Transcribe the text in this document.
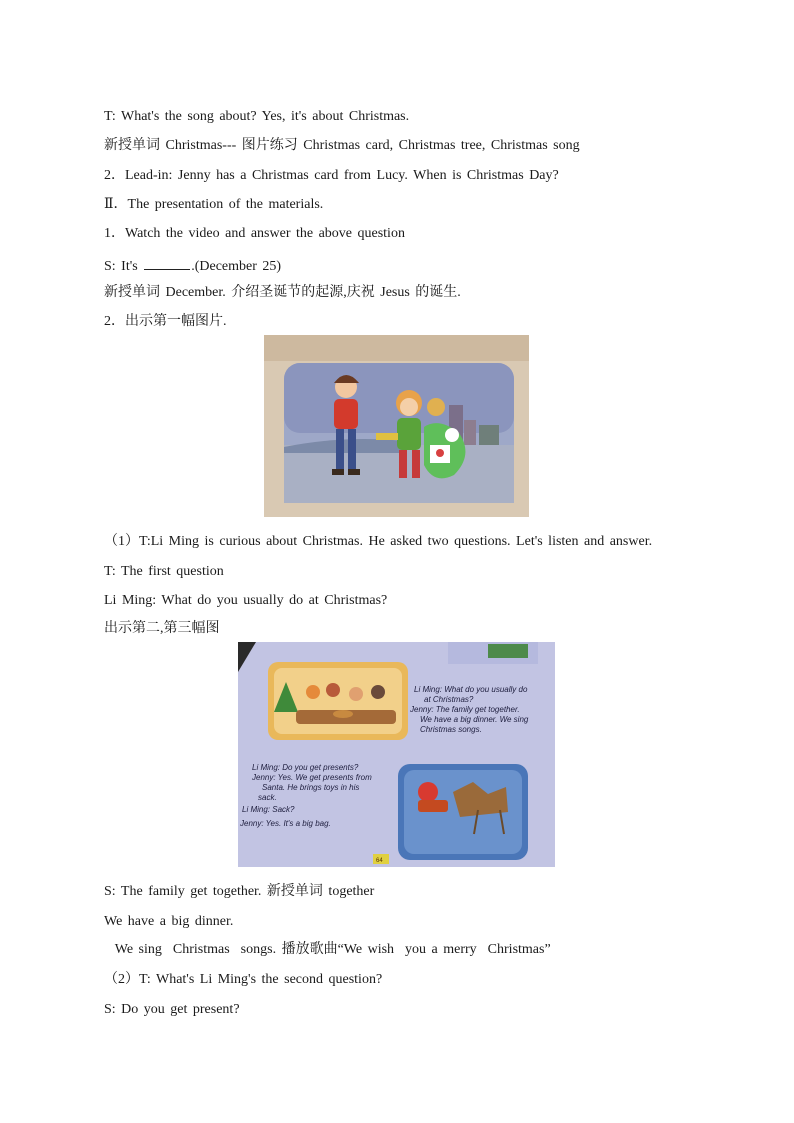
T: What's the song about? Yes, it's about Christmas.
新授单词 Christmas--- 图片练习 Christmas card, Christmas tree, Christmas song
2．Lead-in: Jenny has a Christmas card from Lucy. When is Christmas Day?
Ⅱ．The presentation of the materials.
1．Watch the video and answer the above question
S: It's	.(December 25)
新授单词 December. 介绍圣诞节的起源,庆祝 Jesus 的诞生.
2．出示第一幅图片.
（1）T:Li Ming is curious about Christmas. He asked two questions. Let's listen and answer.
T: The first question
Li Ming: What do you usually do at Christmas?
出示第二,第三幅图
Li Ming: What do you usually do at Christmas? Jenny: The family get together. We have a big dinner. We sing Christmas songs.
Li Ming: Do you get presents? Jenny: Yes. We get presents from Santa. He brings toys in his sack. Li Ming: Sack? Jenny: Yes. It's a big bag.
64
S: The family get together. 新授单词 together
We have a big dinner.
We sing  Christmas  songs. 播放歌曲“We wish  you a merry  Christmas”
（2）T: What's Li Ming's the second question?
S: Do you get present?
